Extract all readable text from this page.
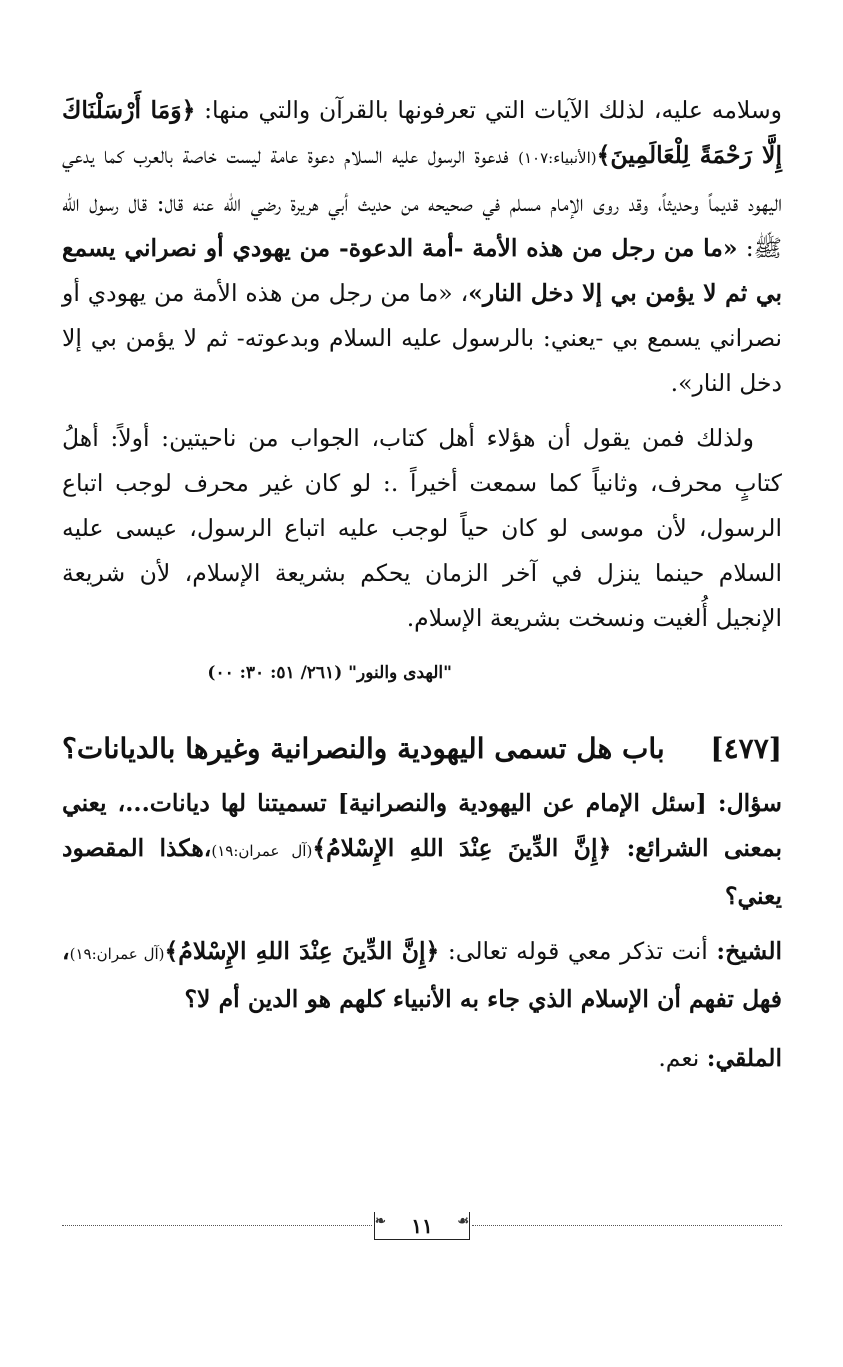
وسلامه عليه، لذلك الآيات التي تعرفونها بالقرآن والتي منها: ﴿وَمَا أَرْسَلْنَاكَ إِلَّا رَحْمَةً لِلْعَالَمِينَ﴾(الأنبياء:١٠٧) فدعوة الرسول عليه السلام دعوة عامة ليست خاصة بالعرب كما يدعي اليهود قديماً وحديثاً، وقد روى الإمام مسلم في صحيحه من حديث أبي هريرة رضي الله عنه قال: قال رسول الله ﷺ: «ما من رجل من هذه الأمة -أمة الدعوة- من يهودي أو نصراني يسمع بي ثم لا يؤمن بي إلا دخل النار»، «ما من رجل من هذه الأمة من يهودي أو نصراني يسمع بي -يعني: بالرسول عليه السلام وبدعوته- ثم لا يؤمن بي إلا دخل النار».

ولذلك فمن يقول أن هؤلاء أهل كتاب، الجواب من ناحيتين: أولاً: أهلُ كتابٍ محرف، وثانياً كما سمعت أخيراً .: لو كان غير محرف لوجب اتباع الرسول، لأن موسى لو كان حياً لوجب عليه اتباع الرسول، عيسى عليه السلام حينما ينزل في آخر الزمان يحكم بشريعة الإسلام، لأن شريعة الإنجيل أُلغيت ونسخت بشريعة الإسلام.

"الهدى والنور" (٢٦١/ ٥١: ٣٠: ٠٠)
[٤٧٧]
باب هل تسمى اليهودية والنصرانية وغيرها بالديانات؟

سؤال: [سئل الإمام عن اليهودية والنصرانية] تسميتنا لها ديانات...، يعني بمعنى الشرائع: ﴿إِنَّ الدِّينَ عِنْدَ اللهِ الإِسْلامُ﴾(آل عمران:١٩)،هكذا المقصود يعني؟

الشيخ: أنت تذكر معي قوله تعالى: ﴿إِنَّ الدِّينَ عِنْدَ اللهِ الإِسْلامُ﴾(آل عمران:١٩)، فهل تفهم أن الإسلام الذي جاء به الأنبياء كلهم هو الدين أم لا؟

الملقي: نعم.

❧ ١١ ☙
